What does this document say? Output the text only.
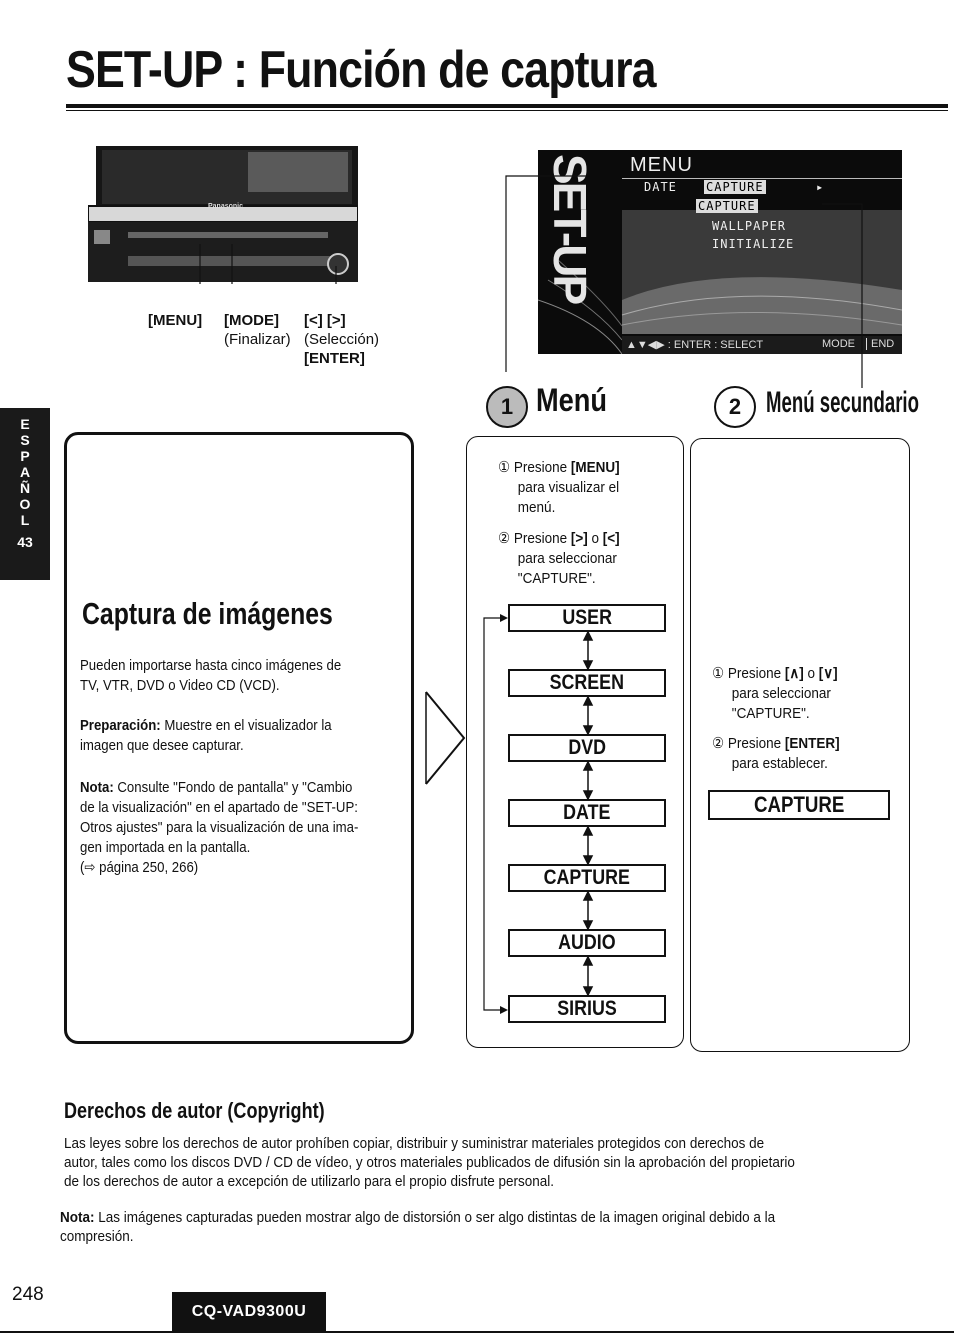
SET-UP : Función de captura
E
S
P
A
Ñ
O
L
43
Panasonic
[MENU] [MODE]
(Finalizar)
[<] [>]
(Selección)
[ENTER]
SET-UP MENU
DATE CAPTURE	▸
CAPTURE
WALLPAPER
INITIALIZE
▲▼◀▶ : ENTER : SELECT	MODE	END
1 Menú	2 Menú secundario
Captura de imágenes
Pueden importarse hasta cinco imágenes de
TV, VTR, DVD o Video CD (VCD).
Preparación: Muestre en el visualizador la
imagen que desee capturar.
Nota: Consulte "Fondo de pantalla" y "Cambio
de la visualización" en el apartado de "SET-UP:
Otros ajustes" para la visualización de una ima-
gen importada en la pantalla.
(⇨ página 250, 266)
① Presione [MENU]
para visualizar el
menú.
② Presione [>] o [<]
para seleccionar
"CAPTURE".
USER
SCREEN
DVD
DATE
CAPTURE
AUDIO
SIRIUS
① Presione [∧] o [∨]
para seleccionar
"CAPTURE".
② Presione [ENTER]
para establecer.
CAPTURE
Derechos de autor (Copyright)
Las leyes sobre los derechos de autor prohíben copiar, distribuir y suministrar materiales protegidos con derechos de
autor, tales como los discos DVD / CD de vídeo, y otros materiales publicados de difusión sin la aprobación del propietario
de los derechos de autor a excepción de utilizarlo para el propio disfrute personal.
Nota: Las imágenes capturadas pueden mostrar algo de distorsión o ser algo distintas de la imagen original debido a la
compresión.
248
CQ-VAD9300U
